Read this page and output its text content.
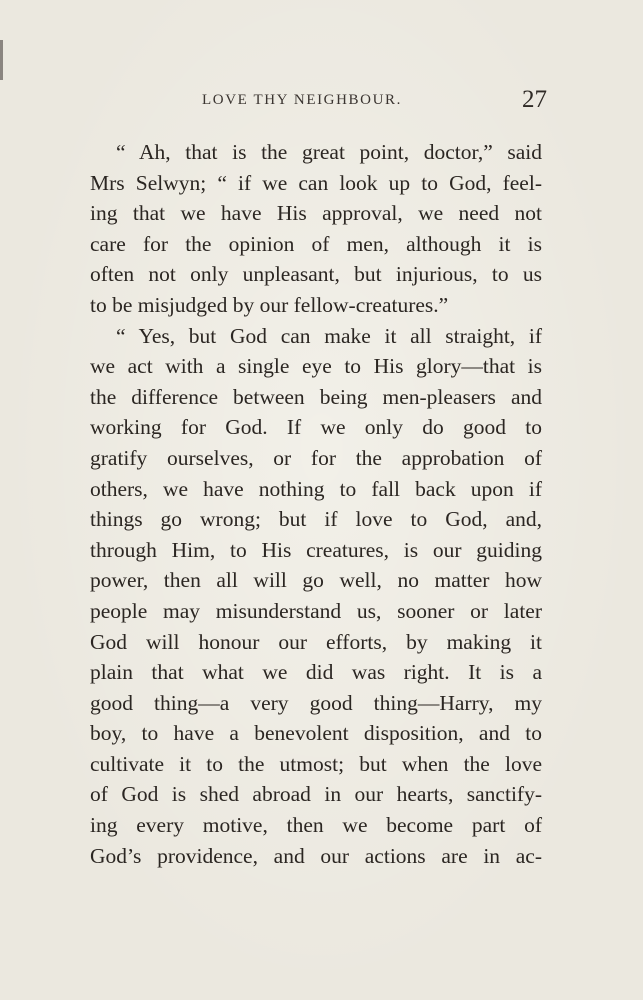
LOVE THY NEIGHBOUR.	27
“ Ah, that is the great point, doctor,” said
Mrs Selwyn; “ if we can look up to God, feel-
ing that we have His approval, we need not
care for the opinion of men, although it is
often not only unpleasant, but injurious, to us
to be misjudged by our fellow-creatures.”
“ Yes, but God can make it all straight, if
we act with a single eye to His glory—that is
the difference between being men-pleasers and
working for God. If we only do good to
gratify ourselves, or for the approbation of
others, we have nothing to fall back upon if
things go wrong; but if love to God, and,
through Him, to His creatures, is our guiding
power, then all will go well, no matter how
people may misunderstand us, sooner or later
God will honour our efforts, by making it
plain that what we did was right. It is a
good thing—a very good thing—Harry, my
boy, to have a benevolent disposition, and to
cultivate it to the utmost; but when the love
of God is shed abroad in our hearts, sanctify-
ing every motive, then we become part of
God’s providence, and our actions are in ac-
